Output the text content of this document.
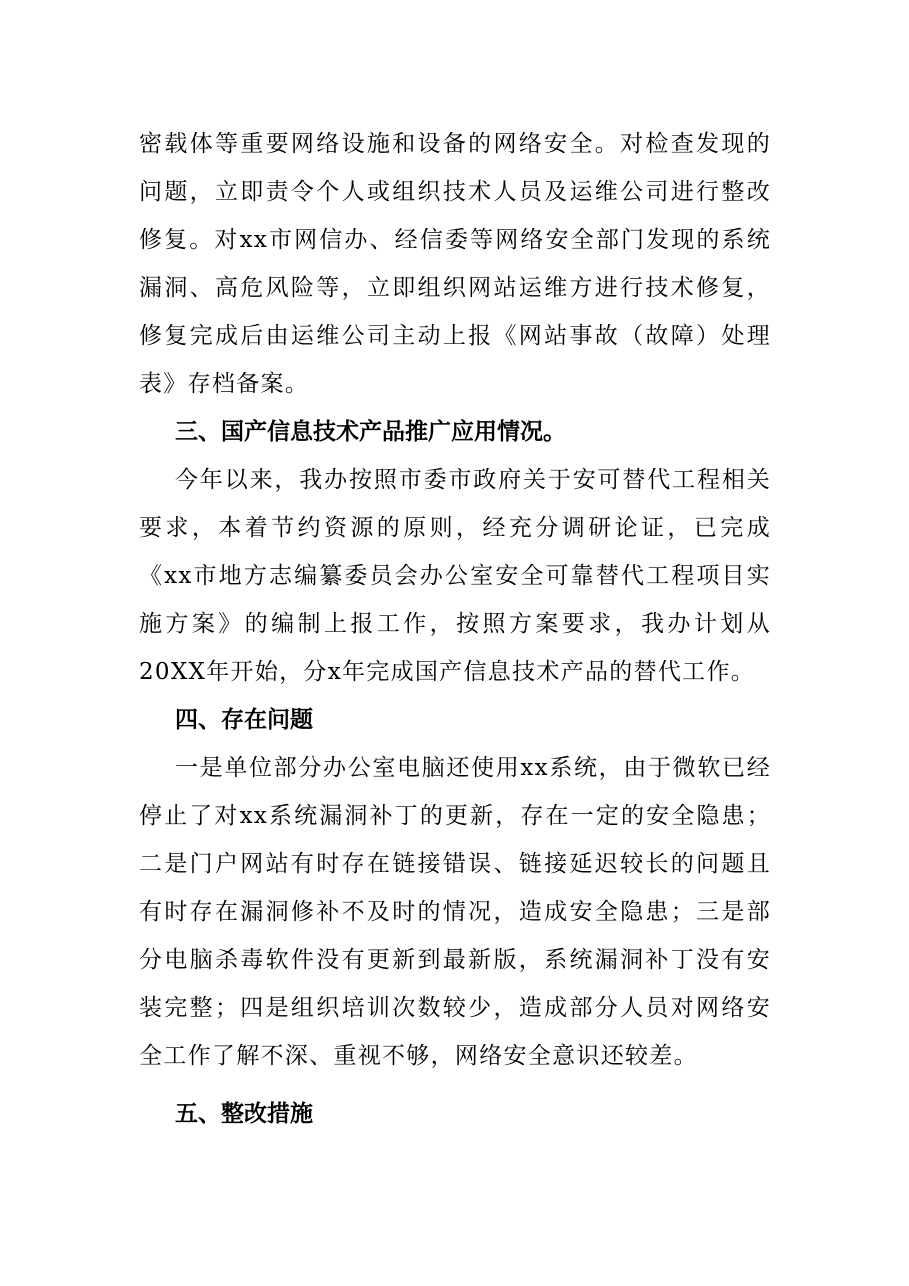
密载体等重要网络设施和设备的网络安全。对检查发现的
问题，立即责令个人或组织技术人员及运维公司进行整改
修复。对xx市网信办、经信委等网络安全部门发现的系统
漏洞、高危风险等，立即组织网站运维方进行技术修复，
修复完成后由运维公司主动上报《网站事故（故障）处理
表》存档备案。
三、国产信息技术产品推广应用情况。
今年以来，我办按照市委市政府关于安可替代工程相关
要求，本着节约资源的原则，经充分调研论证，已完成
《xx市地方志编纂委员会办公室安全可靠替代工程项目实
施方案》的编制上报工作，按照方案要求，我办计划从
20XX年开始，分x年完成国产信息技术产品的替代工作。
四、存在问题
一是单位部分办公室电脑还使用xx系统，由于微软已经
停止了对xx系统漏洞补丁的更新，存在一定的安全隐患；
二是门户网站有时存在链接错误、链接延迟较长的问题且
有时存在漏洞修补不及时的情况，造成安全隐患；三是部
分电脑杀毒软件没有更新到最新版，系统漏洞补丁没有安
装完整；四是组织培训次数较少，造成部分人员对网络安
全工作了解不深、重视不够，网络安全意识还较差。
五、整改措施
